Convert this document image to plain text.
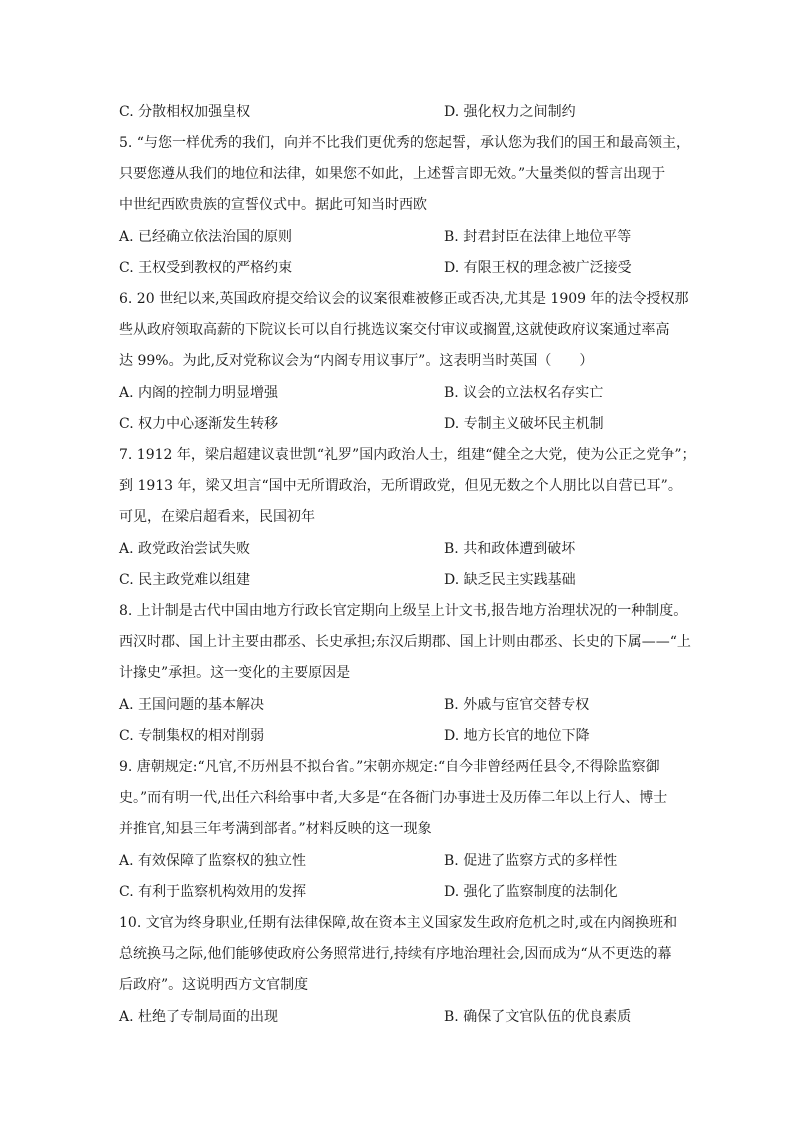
C. 分散相权加强皇权	D. 强化权力之间制约
5. “与您一样优秀的我们，向并不比我们更优秀的您起誓，承认您为我们的国王和最高领主，
只要您遵从我们的地位和法律，如果您不如此，上述誓言即无效。”大量类似的誓言出现于
中世纪西欧贵族的宣誓仪式中。据此可知当时西欧
A. 已经确立依法治国的原则	B. 封君封臣在法律上地位平等
C. 王权受到教权的严格约束	D. 有限王权的理念被广泛接受
6. 20 世纪以来,英国政府提交给议会的议案很难被修正或否决,尤其是 1909 年的法令授权那
些从政府领取高薪的下院议长可以自行挑选议案交付审议或搁置,这就使政府议案通过率高
达 99%。为此,反对党称议会为“内阁专用议事厅”。这表明当时英国（　　）
A. 内阁的控制力明显增强	B. 议会的立法权名存实亡
C. 权力中心逐渐发生转移	D. 专制主义破坏民主机制
7. 1912 年，梁启超建议袁世凯“礼罗”国内政治人士，组建“健全之大党，使为公正之党争”；
到 1913 年，梁又坦言“国中无所谓政治，无所谓政党，但见无数之个人朋比以自营已耳”。
可见，在梁启超看来，民国初年
A. 政党政治尝试失败	B. 共和政体遭到破坏
C. 民主政党难以组建	D. 缺乏民主实践基础
8. 上计制是古代中国由地方行政长官定期向上级呈上计文书,报告地方治理状况的一种制度。
西汉时郡、国上计主要由郡丞、长史承担;东汉后期郡、国上计则由郡丞、长史的下属——“上
计掾史”承担。这一变化的主要原因是
A. 王国问题的基本解决	B. 外戚与宦官交替专权
C. 专制集权的相对削弱	D. 地方长官的地位下降
9. 唐朝规定:“凡官,不历州县不拟台省。”宋朝亦规定:“自今非曾经两任县令,不得除监察御
史。”而有明一代,出任六科给事中者,大多是“在各衙门办事进士及历俸二年以上行人、博士
并推官,知县三年考满到部者。”材料反映的这一现象
A. 有效保障了监察权的独立性	B. 促进了监察方式的多样性
C. 有利于监察机构效用的发挥	D. 强化了监察制度的法制化
10. 文官为终身职业,任期有法律保障,故在资本主义国家发生政府危机之时,或在内阁换班和
总统换马之际,他们能够使政府公务照常进行,持续有序地治理社会,因而成为“从不更迭的幕
后政府”。这说明西方文官制度
A. 杜绝了专制局面的出现	B. 确保了文官队伍的优良素质
